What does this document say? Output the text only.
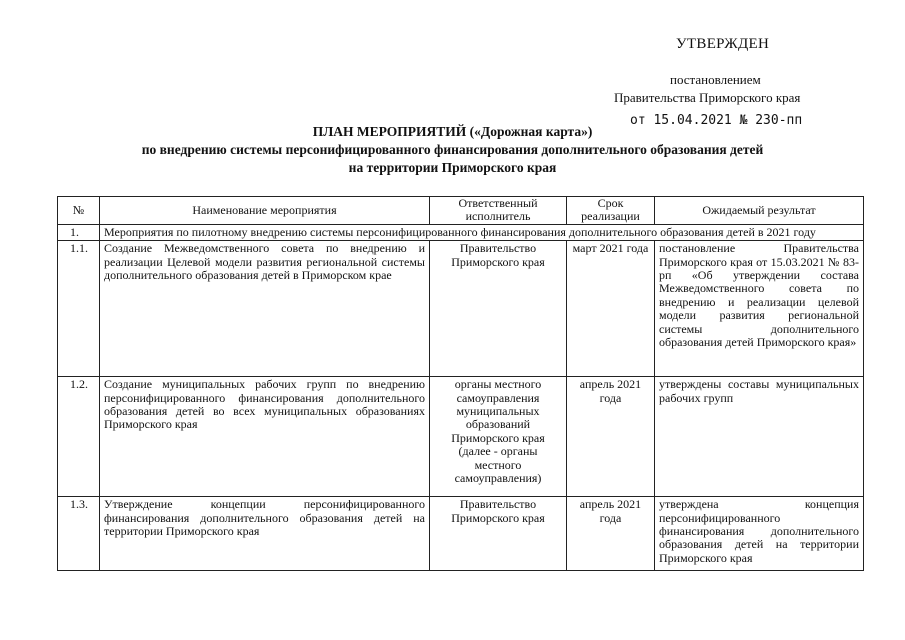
УТВЕРЖДЕН
постановлением
Правительства Приморского края
от 15.04.2021 № 230-пп
ПЛАН МЕРОПРИЯТИЙ («Дорожная карта»)
по внедрению системы персонифицированного финансирования дополнительного образования детей
на территории Приморского края
№	Наименование мероприятия	Ответственный исполнитель	Срок реализации	Ожидаемый результат
1.	Мероприятия по пилотному внедрению системы персонифицированного финансирования дополнительного образования детей в 2021 году			
1.1.	Создание Межведомственного совета по внедрению и реализации Целевой модели развития региональной системы дополнительного образования детей в Приморском крае	Правительство Приморского края	март 2021 года	постановление Правительства Приморского края от 15.03.2021 № 83-рп «Об утверждении состава Межведомственного совета по внедрению и реализации целевой модели развития региональной системы дополнительного образования детей Приморского края»
1.2.	Создание муниципальных рабочих групп по внедрению персонифицированного финансирования дополнительного образования детей во всех муниципальных образованиях Приморского края	органы местного самоуправления муниципальных образований Приморского края (далее - органы местного самоуправления)	апрель 2021 года	утверждены составы муниципальных рабочих групп
1.3.	Утверждение концепции персонифицированного финансирования дополнительного образования детей на территории Приморского края	Правительство Приморского края	апрель 2021 года	утверждена концепция персонифицированного финансирования дополнительного образования детей на территории Приморского края
